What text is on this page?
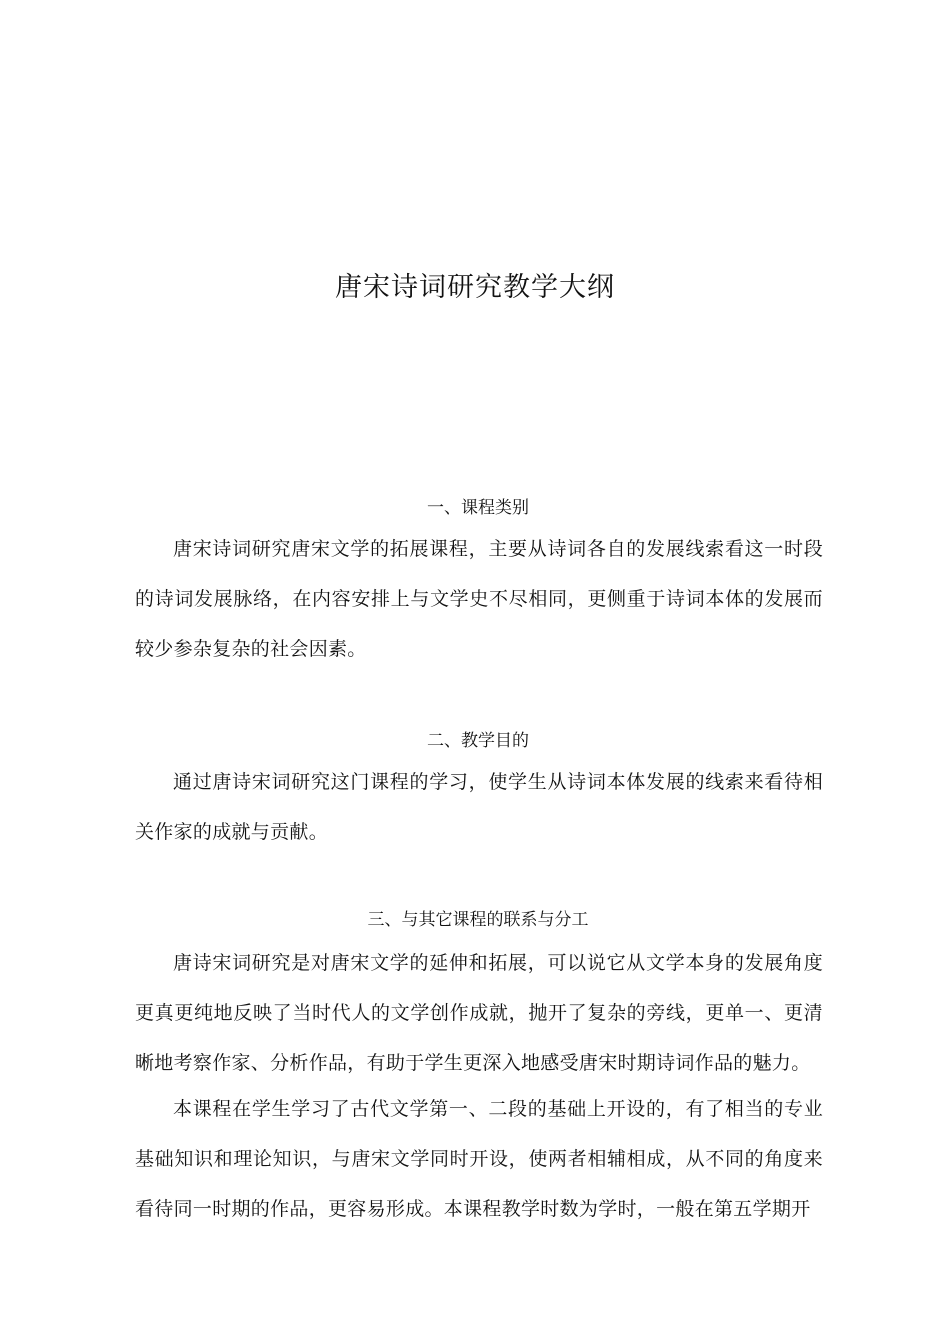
唐宋诗词研究教学大纲
一、课程类别

唐宋诗词研究唐宋文学的拓展课程，主要从诗词各自的发展线索看这一时段的诗词发展脉络，在内容安排上与文学史不尽相同，更侧重于诗词本体的发展而较少参杂复杂的社会因素。

二、教学目的

通过唐诗宋词研究这门课程的学习，使学生从诗词本体发展的线索来看待相关作家的成就与贡献。

三、与其它课程的联系与分工

唐诗宋词研究是对唐宋文学的延伸和拓展，可以说它从文学本身的发展角度更真更纯地反映了当时代人的文学创作成就，抛开了复杂的旁线，更单一、更清晰地考察作家、分析作品，有助于学生更深入地感受唐宋时期诗词作品的魅力。

本课程在学生学习了古代文学第一、二段的基础上开设的，有了相当的专业基础知识和理论知识，与唐宋文学同时开设，使两者相辅相成，从不同的角度来看待同一时期的作品，更容易形成。本课程教学时数为学时，一般在第五学期开
